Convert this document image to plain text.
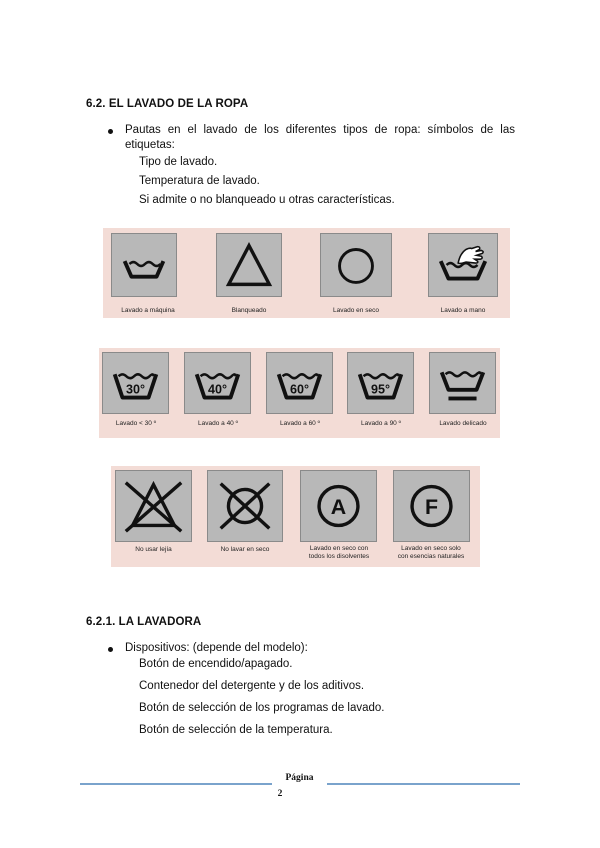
6.2. EL LAVADO DE LA ROPA
Pautas en el lavado de los diferentes tipos de ropa: símbolos de las
etiquetas:
Tipo de lavado.
Temperatura de lavado.
Si admite o no blanqueado u otras características.
Lavado a máquina	Blanqueado	Lavado en seco	Lavado a mano
30°
Lavado < 30 º
40°
Lavado a 40 º
60°
Lavado a 60 º
95°
Lavado a 90 º	Lavado delicado
No usar lejía	No lavar en seco
A
Lavado en seco con
todos los disolventes
F
Lavado en seco solo
con esencias naturales
6.2.1. LA LAVADORA
Dispositivos: (depende del modelo):
Botón de encendido/apagado.
Contenedor del detergente y de los aditivos.
Botón de selección de los programas de lavado.
Botón de selección de la temperatura.
Página
2
